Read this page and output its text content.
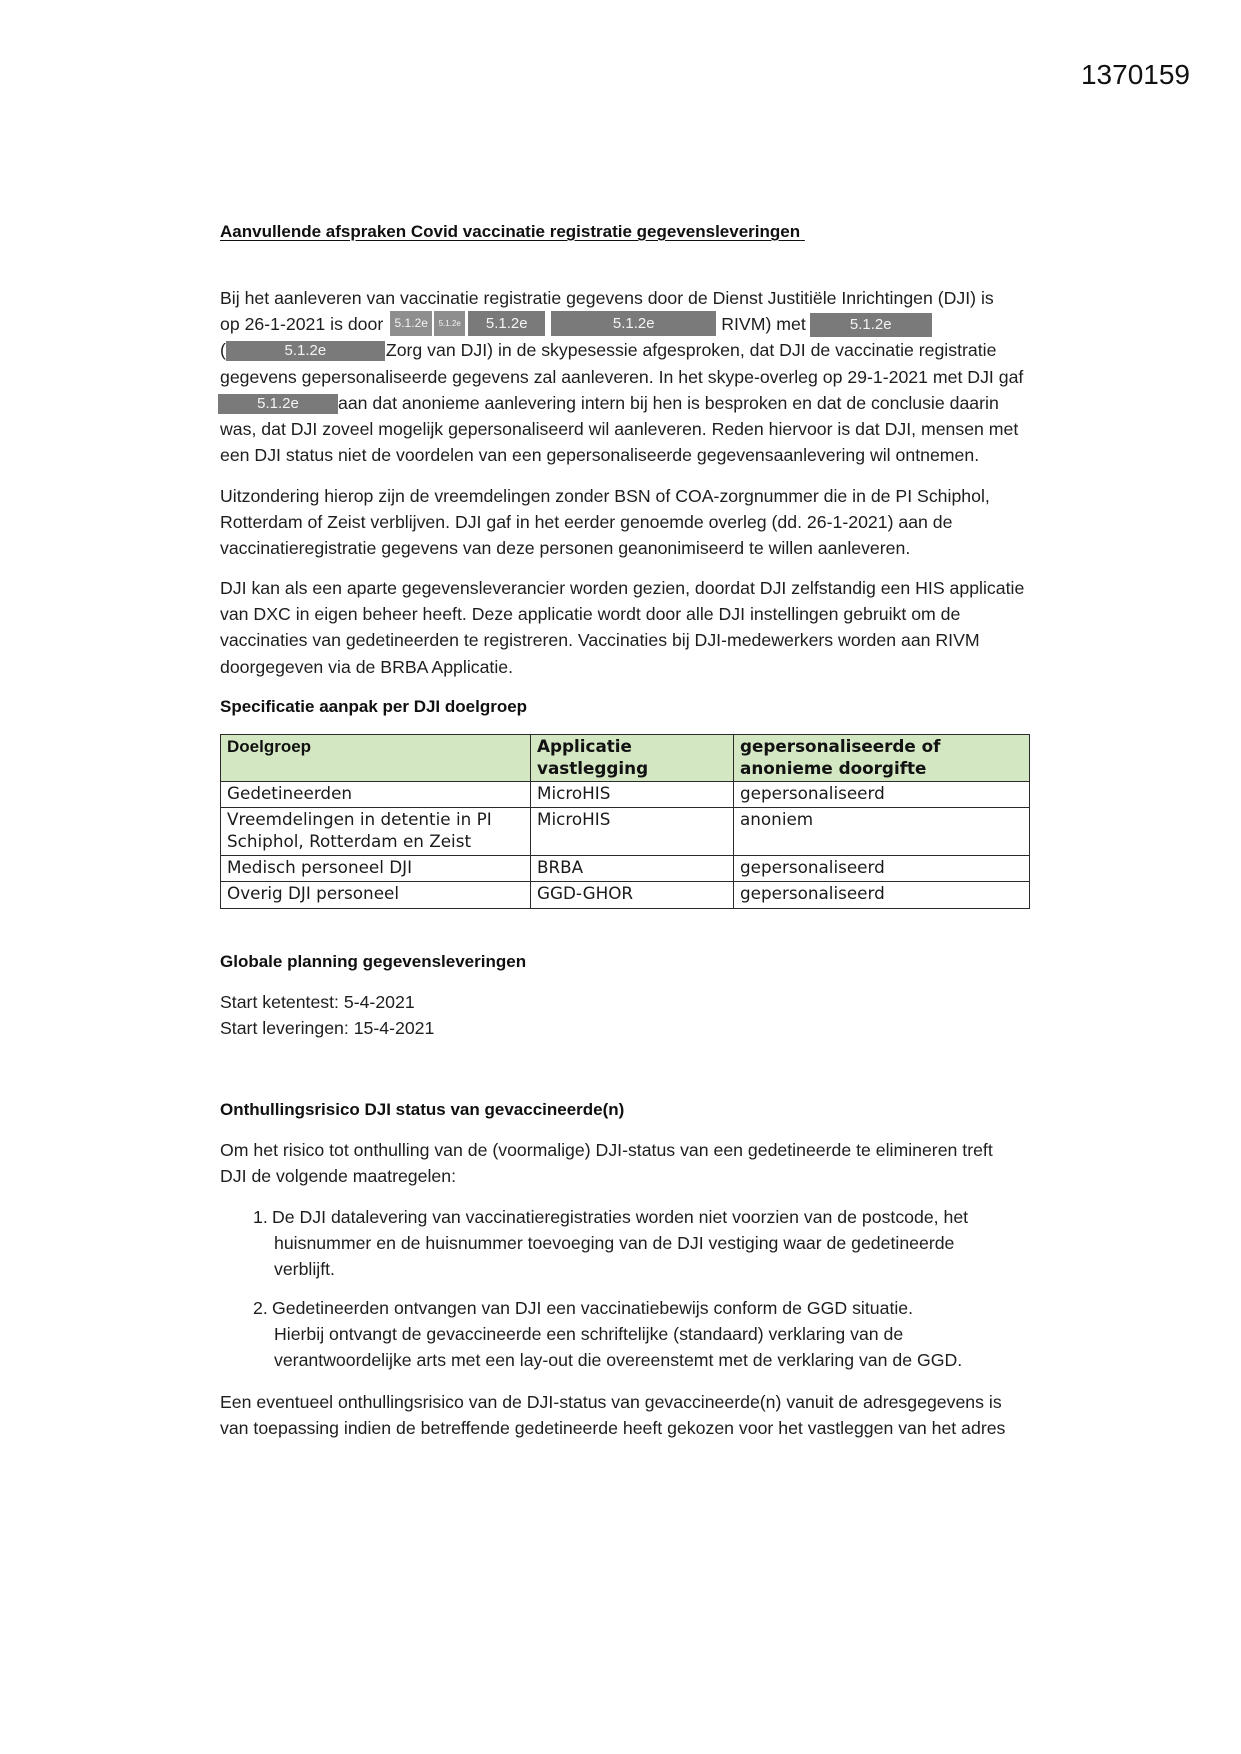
1370159
Aanvullende afspraken Covid vaccinatie registratie gegevensleveringen
Bij het aanleveren van vaccinatie registratie gegevens door de Dienst Justitiële Inrichtingen (DJI) is
op 26-1-2021 is door 5.1.2e 5.1.2e 5.1.2e	5.1.2e	RIVM) met	5.1.2e
(	5.1.2e	Zorg van DJI) in de skypesessie afgesproken, dat DJI de vaccinatie registratie
gegevens gepersonaliseerde gegevens zal aanleveren. In het skype-overleg op 29-1-2021 met DJI gaf
5.1.2e aan dat anonieme aanlevering intern bij hen is besproken en dat de conclusie daarin
was, dat DJI zoveel mogelijk gepersonaliseerd wil aanleveren. Reden hiervoor is dat DJI, mensen met
een DJI status niet de voordelen van een gepersonaliseerde gegevensaanlevering wil ontnemen.
Uitzondering hierop zijn de vreemdelingen zonder BSN of COA-zorgnummer die in de PI Schiphol,
Rotterdam of Zeist verblijven. DJI gaf in het eerder genoemde overleg (dd. 26-1-2021) aan de
vaccinatieregistratie gegevens van deze personen geanonimiseerd te willen aanleveren.
DJI kan als een aparte gegevensleverancier worden gezien, doordat DJI zelfstandig een HIS applicatie
van DXC in eigen beheer heeft. Deze applicatie wordt door alle DJI instellingen gebruikt om de
vaccinaties van gedetineerden te registreren. Vaccinaties bij DJI-medewerkers worden aan RIVM
doorgegeven via de BRBA Applicatie.
Specificatie aanpak per DJI doelgroep
Doelgroep	Applicatie vastlegging	gepersonaliseerde of anonieme doorgifte
Gedetineerden	MicroHIS	gepersonaliseerd
Vreemdelingen in detentie in PI Schiphol, Rotterdam en Zeist	MicroHIS	anoniem
Medisch personeel DJI	BRBA	gepersonaliseerd
Overig DJI personeel	GGD-GHOR	gepersonaliseerd
Globale planning gegevensleveringen
Start ketentest: 5-4-2021
Start leveringen: 15-4-2021
Onthullingsrisico DJI status van gevaccineerde(n)
Om het risico tot onthulling van de (voormalige) DJI-status van een gedetineerde te elimineren treft
DJI de volgende maatregelen:
1. De DJI datalevering van vaccinatieregistraties worden niet voorzien van de postcode, het
huisnummer en de huisnummer toevoeging van de DJI vestiging waar de gedetineerde
verblijft.
2. Gedetineerden ontvangen van DJI een vaccinatiebewijs conform de GGD situatie.
Hierbij ontvangt de gevaccineerde een schriftelijke (standaard) verklaring van de
verantwoordelijke arts met een lay-out die overeenstemt met de verklaring van de GGD.
Een eventueel onthullingsrisico van de DJI-status van gevaccineerde(n) vanuit de adresgegevens is
van toepassing indien de betreffende gedetineerde heeft gekozen voor het vastleggen van het adres
